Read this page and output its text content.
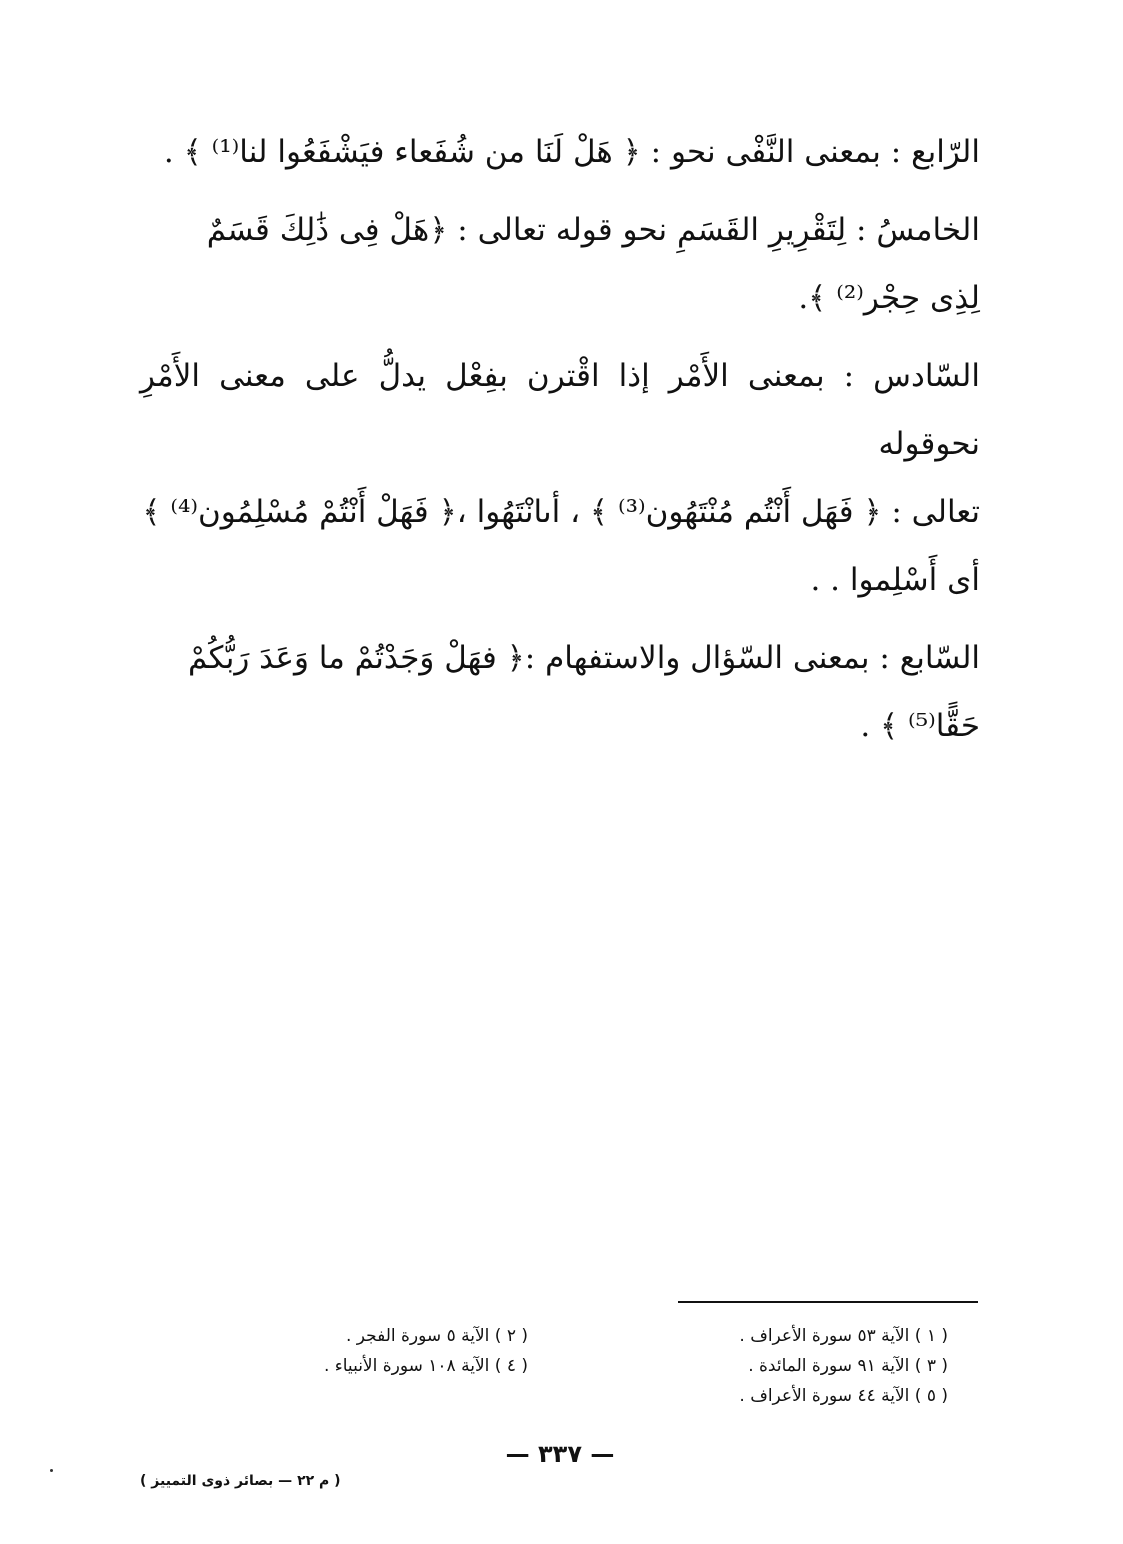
الرّابع : بمعنى النَّفْى نحو : ﴿ هَلْ لَنَا من شُفَعاء فيَشْفَعُوا لنا⁽¹⁾ ﴾ .

الخامسُ : لِتَقْرِيرِ القَسَمِ نحو قوله تعالى : ﴿هَلْ فِى ذَٰلِكَ قَسَمٌ
لِذِى حِجْر⁽²⁾ ﴾.

السّادس : بمعنى الأَمْر إذا اقْترن بفِعْل يدلُّ على معنى الأَمْرِ نحوقوله
تعالى : ﴿ فَهَل أَنْتُم مُنْتَهُون⁽³⁾ ﴾ ، أىانْتَهُوا ،﴿ فَهَلْ أَنْتُمْ مُسْلِمُون⁽⁴⁾ ﴾
أى أَسْلِموا . .

السّابع : بمعنى السّؤال والاستفهام :﴿ فهَلْ وَجَدْتُمْ ما وَعَدَ رَبُّكُمْ
حَقًّا⁽⁵⁾ ﴾ .

( ١ ) الآية ٥٣ سورة الأعراف .
( ٣ ) الآية ٩١ سورة المائدة .
( ٥ ) الآية ٤٤ سورة الأعراف .
( ٢ ) الآية ٥ سورة الفجر .
( ٤ ) الآية ١٠٨ سورة الأنبياء .
— ٣٣٧ —
( م ٢٢ — بصائر ذوى التمييز )
